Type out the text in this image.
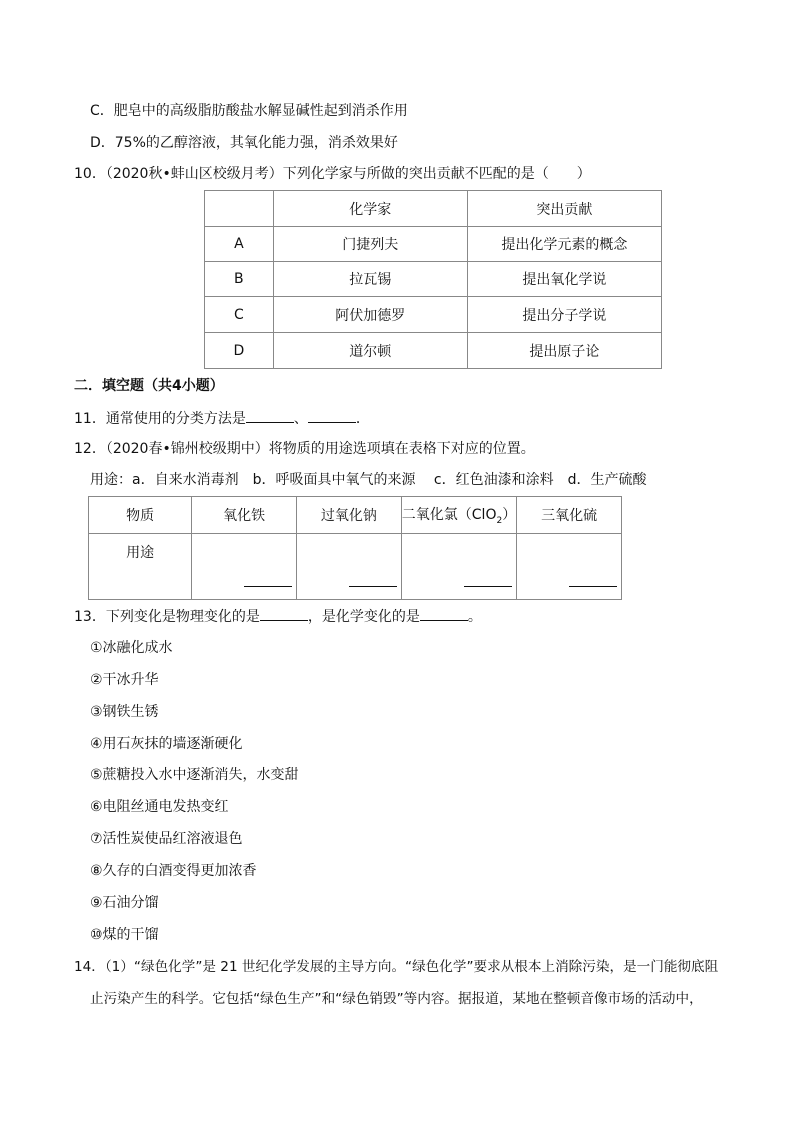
C．肥皂中的高级脂肪酸盐水解显碱性起到消杀作用
D．75%的乙醇溶液，其氧化能力强，消杀效果好
10．（2020秋•蚌山区校级月考）下列化学家与所做的突出贡献不匹配的是（　　）
	化学家	突出贡献
A	门捷列夫	提出化学元素的概念
B	拉瓦锡	提出氧化学说
C	阿伏加德罗	提出分子学说
D	道尔顿	提出原子论
二．填空题（共4小题）
11．通常使用的分类方法是	、	．
12．（2020春•锦州校级期中）将物质的用途选项填在表格下对应的位置。
用途：a．自来水消毒剂　b．呼吸面具中氧气的来源　 c．红色油漆和涂料　d．生产硫酸
物质	氧化铁	过氧化钠	二氧化氯（ClO$_2$）	三氧化硫
用途				
13．下列变化是物理变化的是	，是化学变化的是	。
①冰融化成水
②干冰升华
③钢铁生锈
④用石灰抹的墙逐渐硬化
⑤蔗糖投入水中逐渐消失，水变甜
⑥电阻丝通电发热变红
⑦活性炭使品红溶液退色
⑧久存的白酒变得更加浓香
⑨石油分馏
⑩煤的干馏
14．（1）“绿色化学”是 21 世纪化学发展的主导方向。“绿色化学”要求从根本上消除污染，是一门能彻底阻
止污染产生的科学。它包括“绿色生产”和“绿色销毁”等内容。据报道，某地在整顿音像市场的活动中，
